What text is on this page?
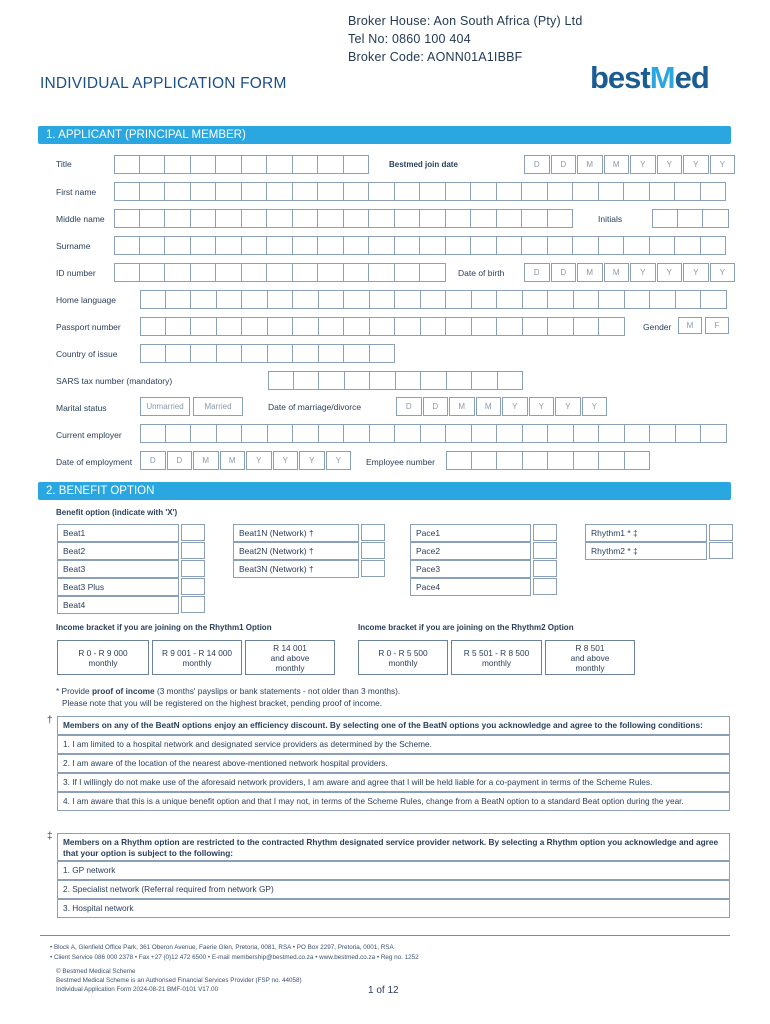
Broker House: Aon South Africa (Pty) Ltd
Tel No: 0860 100 404
Broker Code: AONN01A1IBBF
INDIVIDUAL APPLICATION FORM	bestMed
1. APPLICANT (PRINCIPAL MEMBER)
Title	Bestmed join date	D	D	M	M	Y	Y	Y	Y
First name
Middle name	Initials
Surname
ID number	Date of birth	D	D	M	M	Y	Y	Y	Y
Home language
Passport number	Gender	M	F
Country of issue
SARS tax number (mandatory)
Marital status	Unmarried	Married	Date of marriage/divorce	D	D	M	M	Y	Y	Y	Y
Current employer
Date of employment	D	D	M	M	Y	Y	Y	Y	Employee number
2. BENEFIT OPTION
Benefit option (indicate with 'X')
Beat1
Beat2
Beat3
Beat3 Plus
Beat4
Beat1N (Network) †
Beat2N (Network) †
Beat3N (Network) †
Pace1
Pace2
Pace3
Pace4
Rhythm1 * ‡
Rhythm2 * ‡
Income bracket if you are joining on the Rhythm1 Option	Income bracket if you are joining on the Rhythm2 Option
R 0 - R 9 000
monthly
R 9 001 - R 14 000
monthly
R 14 001
and above
monthly
R 0 - R 5 500
monthly
R 5 501 - R 8 500
monthly
R 8 501
and above
monthly
* Provide proof of income (3 months' payslips or bank statements - not older than 3 months).
Please note that you will be registered on the highest bracket, pending proof of income.
†	Members on any of the BeatN options enjoy an efficiency discount. By selecting one of the BeatN options you acknowledge and agree to the following conditions:
1. I am limited to a hospital network and designated service providers as determined by the Scheme.
2. I am aware of the location of the nearest above-mentioned network hospital providers.
3. If I willingly do not make use of the aforesaid network providers, I am aware and agree that I will be held liable for a co-payment in terms of the Scheme Rules.
4. I am aware that this is a unique benefit option and that I may not, in terms of the Scheme Rules, change from a BeatN option to a standard Beat option during the year.
‡	Members on a Rhythm option are restricted to the contracted Rhythm designated service provider network. By selecting a Rhythm option you acknowledge and agree
that your option is subject to the following:
1. GP network
2. Specialist network (Referral required from network GP)
3. Hospital network
• Block A, Glenfield Office Park, 361 Oberon Avenue, Faerie Glen, Pretoria, 0081, RSA • PO Box 2297, Pretoria, 0001, RSA
• Client Service 086 000 2378 • Fax +27 (0)12 472 6500 • E-mail membership@bestmed.co.za • www.bestmed.co.za • Reg no. 1252
© Bestmed Medical Scheme
Bestmed Medical Scheme is an Authorised Financial Services Provider (FSP no. 44058)
Individual Application Form 2024-08-21 BMF-0101 V17.00	1 of 12
